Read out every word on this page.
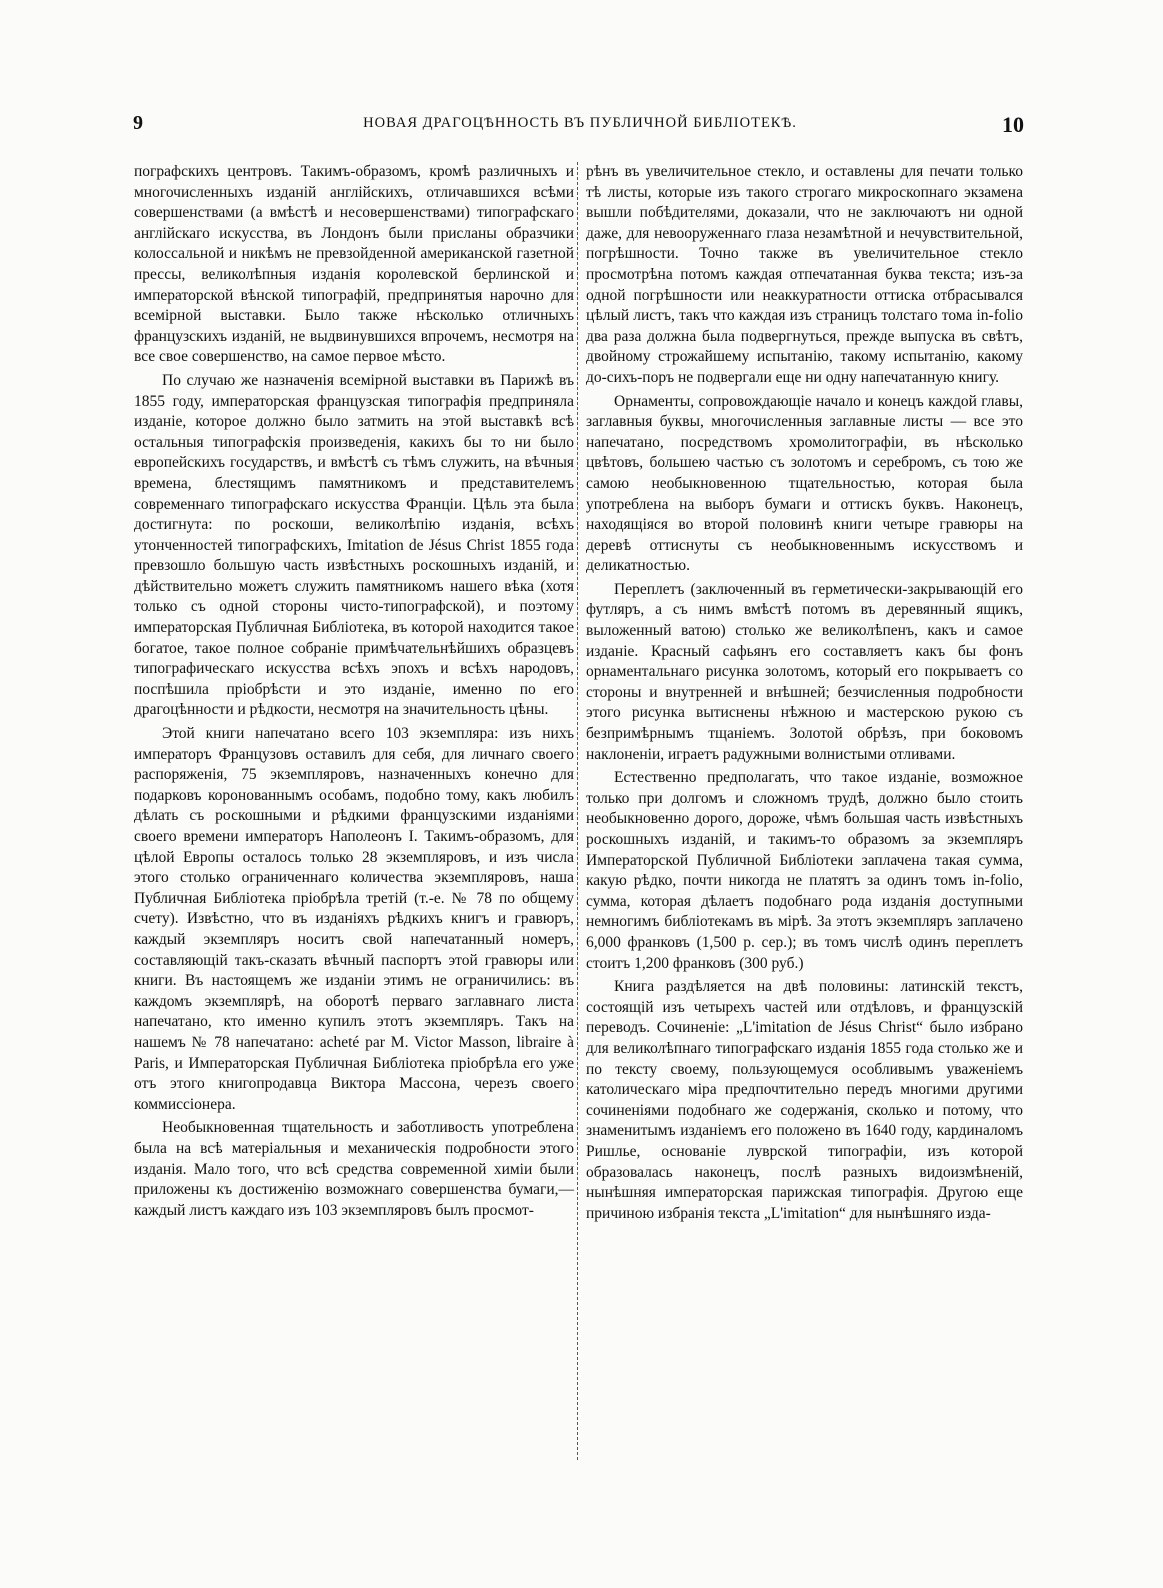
9	НОВАЯ ДРАГОЦѢННОСТЬ ВЪ ПУБЛИЧНОЙ БИБЛІОТЕКѢ.	10

пографскихъ центровъ. Такимъ-образомъ, кромѣ различныхъ и многочисленныхъ изданій англійскихъ, отличавшихся всѣми совершенствами (а вмѣстѣ и несовершенствами) типографскаго англійскаго искусства, въ Лондонъ были присланы образчики колоссальной и никѣмъ не превзойденной американской газетной прессы, великолѣпныя изданія королевской берлинской и императорской вѣнской типографій, предпринятыя нарочно для всемірной выставки. Было также нѣсколько отличныхъ французскихъ изданій, не выдвинувшихся впрочемъ, несмотря на все свое совершенство, на самое первое мѣсто.

По случаю же назначенія всемірной выставки въ Парижѣ въ 1855 году, императорская французская типографія предприняла изданіе, которое должно было затмить на этой выставкѣ всѣ остальныя типографскія произведенія, какихъ бы то ни было европейскихъ государствъ, и вмѣстѣ съ тѣмъ служить, на вѣчныя времена, блестящимъ памятникомъ и представителемъ современнаго типографскаго искусства Франціи. Цѣль эта была достигнута: по роскоши, великолѣпію изданія, всѣхъ утонченностей типографскихъ, Imitation de Jésus Christ 1855 года превзошло большую часть извѣстныхъ роскошныхъ изданій, и дѣйствительно можетъ служить памятникомъ нашего вѣка (хотя только съ одной стороны чисто-типографской), и поэтому императорская Публичная Библіотека, въ которой находится такое богатое, такое полное собраніе примѣчательнѣйшихъ образцевъ типографическаго искусства всѣхъ эпохъ и всѣхъ народовъ, поспѣшила пріобрѣсти и это изданіе, именно по его драгоцѣнности и рѣдкости, несмотря на значительность цѣны.

Этой книги напечатано всего 103 экземпляра: изъ нихъ императоръ Французовъ оставилъ для себя, для личнаго своего распоряженія, 75 экземпляровъ, назначенныхъ конечно для подарковъ коронованнымъ особамъ, подобно тому, какъ любилъ дѣлать съ роскошными и рѣдкими французскими изданіями своего времени императоръ Наполеонъ I. Такимъ-образомъ, для цѣлой Европы осталось только 28 экземпляровъ, и изъ числа этого столько ограниченнаго количества экземпляровъ, наша Публичная Библіотека пріобрѣла третій (т.-е. № 78 по общему счету). Извѣстно, что въ изданіяхъ рѣдкихъ книгъ и гравюръ, каждый экземпляръ носитъ свой напечатанный номеръ, составляющій такъ-сказать вѣчный паспортъ этой гравюры или книги. Въ настоящемъ же изданіи этимъ не ограничились: въ каждомъ экземплярѣ, на оборотѣ перваго заглавнаго листа напечатано, кто именно купилъ этотъ экземпляръ. Такъ на нашемъ № 78 напечатано: acheté par M. Victor Masson, libraire à Paris, и Императорская Публичная Библіотека пріобрѣла его уже отъ этого книгопродавца Виктора Массона, черезъ своего коммиссіонера.

Необыкновенная тщательность и заботливость употреблена была на всѣ матеріальныя и механическія подробности этого изданія. Мало того, что всѣ средства современной химіи были приложены къ достиженію возможнаго совершенства бумаги,—каждый листъ каждаго изъ 103 экземпляровъ былъ просмот-

рѣнъ въ увеличительное стекло, и оставлены для печати только тѣ листы, которые изъ такого строгаго микроскопнаго экзамена вышли побѣдителями, доказали, что не заключаютъ ни одной даже, для невооруженнаго глаза незамѣтной и нечувствительной, погрѣшности. Точно также въ увеличительное стекло просмотрѣна потомъ каждая отпечатанная буква текста; изъ-за одной погрѣшности или неаккуратности оттиска отбрасывался цѣлый листъ, такъ что каждая изъ страницъ толстаго тома in-folio два раза должна была подвергнуться, прежде выпуска въ свѣтъ, двойному строжайшему испытанію, такому испытанію, какому до-сихъ-поръ не подвергали еще ни одну напечатанную книгу.

Орнаменты, сопровождающіе начало и конецъ каждой главы, заглавныя буквы, многочисленныя заглавные листы — все это напечатано, посредствомъ хромолитографіи, въ нѣсколько цвѣтовъ, большею частью съ золотомъ и серебромъ, съ тою же самою необыкновенною тщательностью, которая была употреблена на выборъ бумаги и оттискъ буквъ. Наконецъ, находящіяся во второй половинѣ книги четыре гравюры на деревѣ оттиснуты съ необыкновеннымъ искусствомъ и деликатностью.

Переплетъ (заключенный въ герметически-закрывающій его футляръ, а съ нимъ вмѣстѣ потомъ въ деревянный ящикъ, выложенный ватою) столько же великолѣпенъ, какъ и самое изданіе. Красный сафьянъ его составляетъ какъ бы фонъ орнаментальнаго рисунка золотомъ, который его покрываетъ со стороны и внутренней и внѣшней; безчисленныя подробности этого рисунка вытиснены нѣжною и мастерскою рукою съ безпримѣрнымъ тщаніемъ. Золотой обрѣзъ, при боковомъ наклоненіи, играетъ радужными волнистыми отливами.

Естественно предполагать, что такое изданіе, возможное только при долгомъ и сложномъ трудѣ, должно было стоить необыкновенно дорого, дороже, чѣмъ большая часть извѣстныхъ роскошныхъ изданій, и такимъ-то образомъ за экземпляръ Императорской Публичной Библіотеки заплачена такая сумма, какую рѣдко, почти никогда не платятъ за одинъ томъ in-folio, сумма, которая дѣлаетъ подобнаго рода изданія доступными немногимъ библіотекамъ въ мірѣ. За этотъ экземпляръ заплачено 6,000 франковъ (1,500 р. сер.); въ томъ числѣ одинъ переплетъ стоитъ 1,200 франковъ (300 руб.)

Книга раздѣляется на двѣ половины: латинскій текстъ, состоящій изъ четырехъ частей или отдѣловъ, и французскій переводъ. Сочиненіе: „L'imitation de Jésus Christ“ было избрано для великолѣпнаго типографскаго изданія 1855 года столько же и по тексту своему, пользующемуся особливымъ уваженіемъ католическаго міра предпочтительно передъ многими другими сочиненіями подобнаго же содержанія, сколько и потому, что знаменитымъ изданіемъ его положено въ 1640 году, кардиналомъ Ришлье, основаніе луврской типографіи, изъ которой образовалась наконецъ, послѣ разныхъ видоизмѣненій, нынѣшняя императорская парижская типографія. Другою еще причиною избранія текста „L'imitation“ для нынѣшняго изда-
